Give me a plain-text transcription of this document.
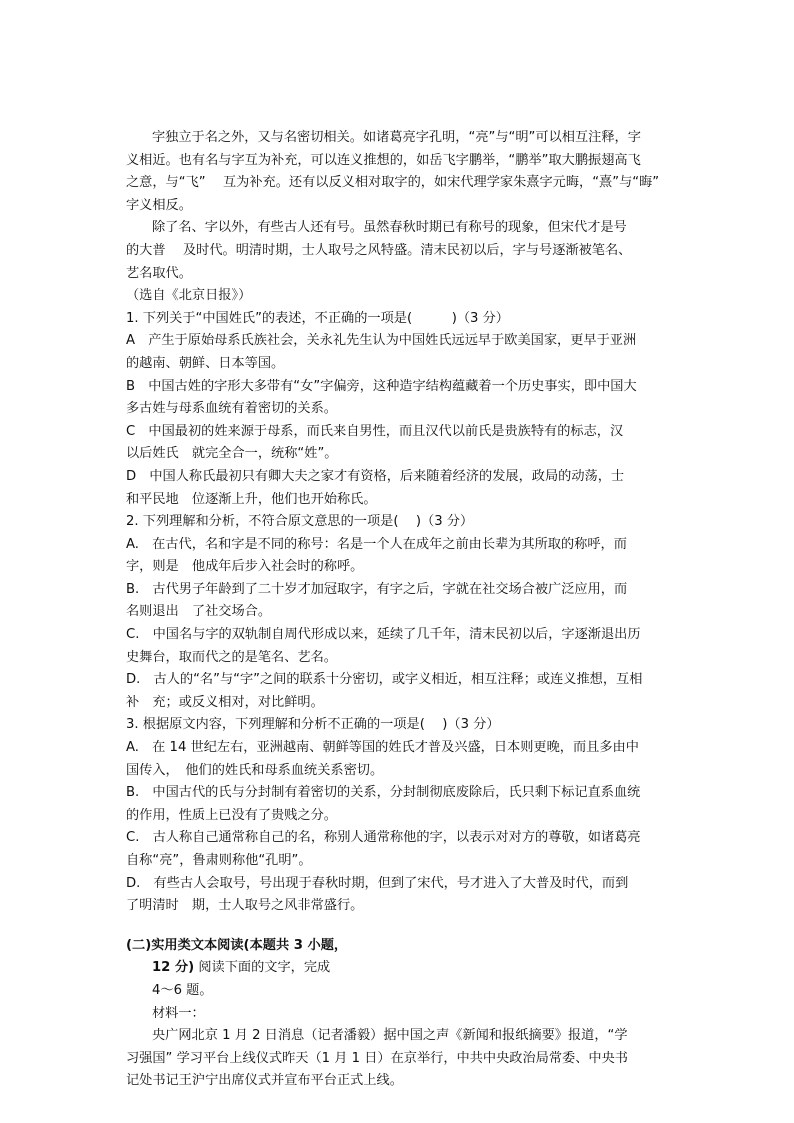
字独立于名之外，又与名密切相关。如诸葛亮字孔明，“亮”与“明”可以相互注释，字
义相近。也有名与字互为补充，可以连义推想的，如岳飞字鹏举，“鹏举”取大鹏振翅高飞
之意，与“飞”　 互为补充。还有以反义相对取字的，如宋代理学家朱熹字元晦，“熹”与“晦”
字义相反。
除了名、字以外，有些古人还有号。虽然春秋时期已有称号的现象，但宋代才是号
的大普　 及时代。明清时期，士人取号之风特盛。清末民初以后，字与号逐渐被笔名、
艺名取代。
（选自《北京日报》）
1. 下列关于“中国姓氏”的表述，不正确的一项是(　　　)（3 分）
A　产生于原始母系氏族社会，关永礼先生认为中国姓氏远远早于欧美国家，更早于亚洲
的越南、朝鲜、日本等国。
B　中国古姓的字形大多带有“女”字偏旁，这种造字结构蕴藏着一个历史事实，即中国大
多古姓与母系血统有着密切的关系。
C　中国最初的姓来源于母系，而氏来自男性，而且汉代以前氏是贵族特有的标志，汉
以后姓氏　就完全合一，统称“姓”。
D　中国人称氏最初只有卿大夫之家才有资格，后来随着经济的发展，政局的动荡，士
和平民地　位逐渐上升，他们也开始称氏。
2. 下列理解和分析，不符合原文意思的一项是(　 )（3 分）
A.　在古代，名和字是不同的称号：名是一个人在成年之前由长辈为其所取的称呼，而
字，则是　他成年后步入社会时的称呼。
B.　古代男子年龄到了二十岁才加冠取字，有字之后，字就在社交场合被广泛应用，而
名则退出　了社交场合。
C.　中国名与字的双轨制自周代形成以来，延续了几千年，清末民初以后，字逐渐退出历
史舞台，取而代之的是笔名、艺名。
D.　古人的“名”与“字”之间的联系十分密切，或字义相近，相互注释；或连义推想，互相
补　充；或反义相对，对比鲜明。
3. 根据原文内容，下列理解和分析不正确的一项是(　 )（3 分）
A.　在 14 世纪左右，亚洲越南、朝鲜等国的姓氏才普及兴盛，日本则更晚，而且多由中
国传入，　他们的姓氏和母系血统关系密切。
B.　中国古代的氏与分封制有着密切的关系，分封制彻底废除后，氏只剩下标记直系血统
的作用，性质上已没有了贵贱之分。
C.　古人称自己通常称自己的名，称别人通常称他的字，以表示对对方的尊敬，如诸葛亮
自称“亮”，鲁肃则称他“孔明”。
D.　有些古人会取号，号出现于春秋时期，但到了宋代，号才进入了大普及时代，而到
了明清时　期，士人取号之风非常盛行。
(二)实用类文本阅读(本题共 3 小题，
12 分) 阅读下面的文字，完成
4～6 题。
材料一：
央广网北京 1 月 2 日消息（记者潘毅）据中国之声《新闻和报纸摘要》报道，“学
习强国” 学习平台上线仪式昨天（1 月 1 日）在京举行，中共中央政治局常委、中央书
记处书记王沪宁出席仪式并宣布平台正式上线。
